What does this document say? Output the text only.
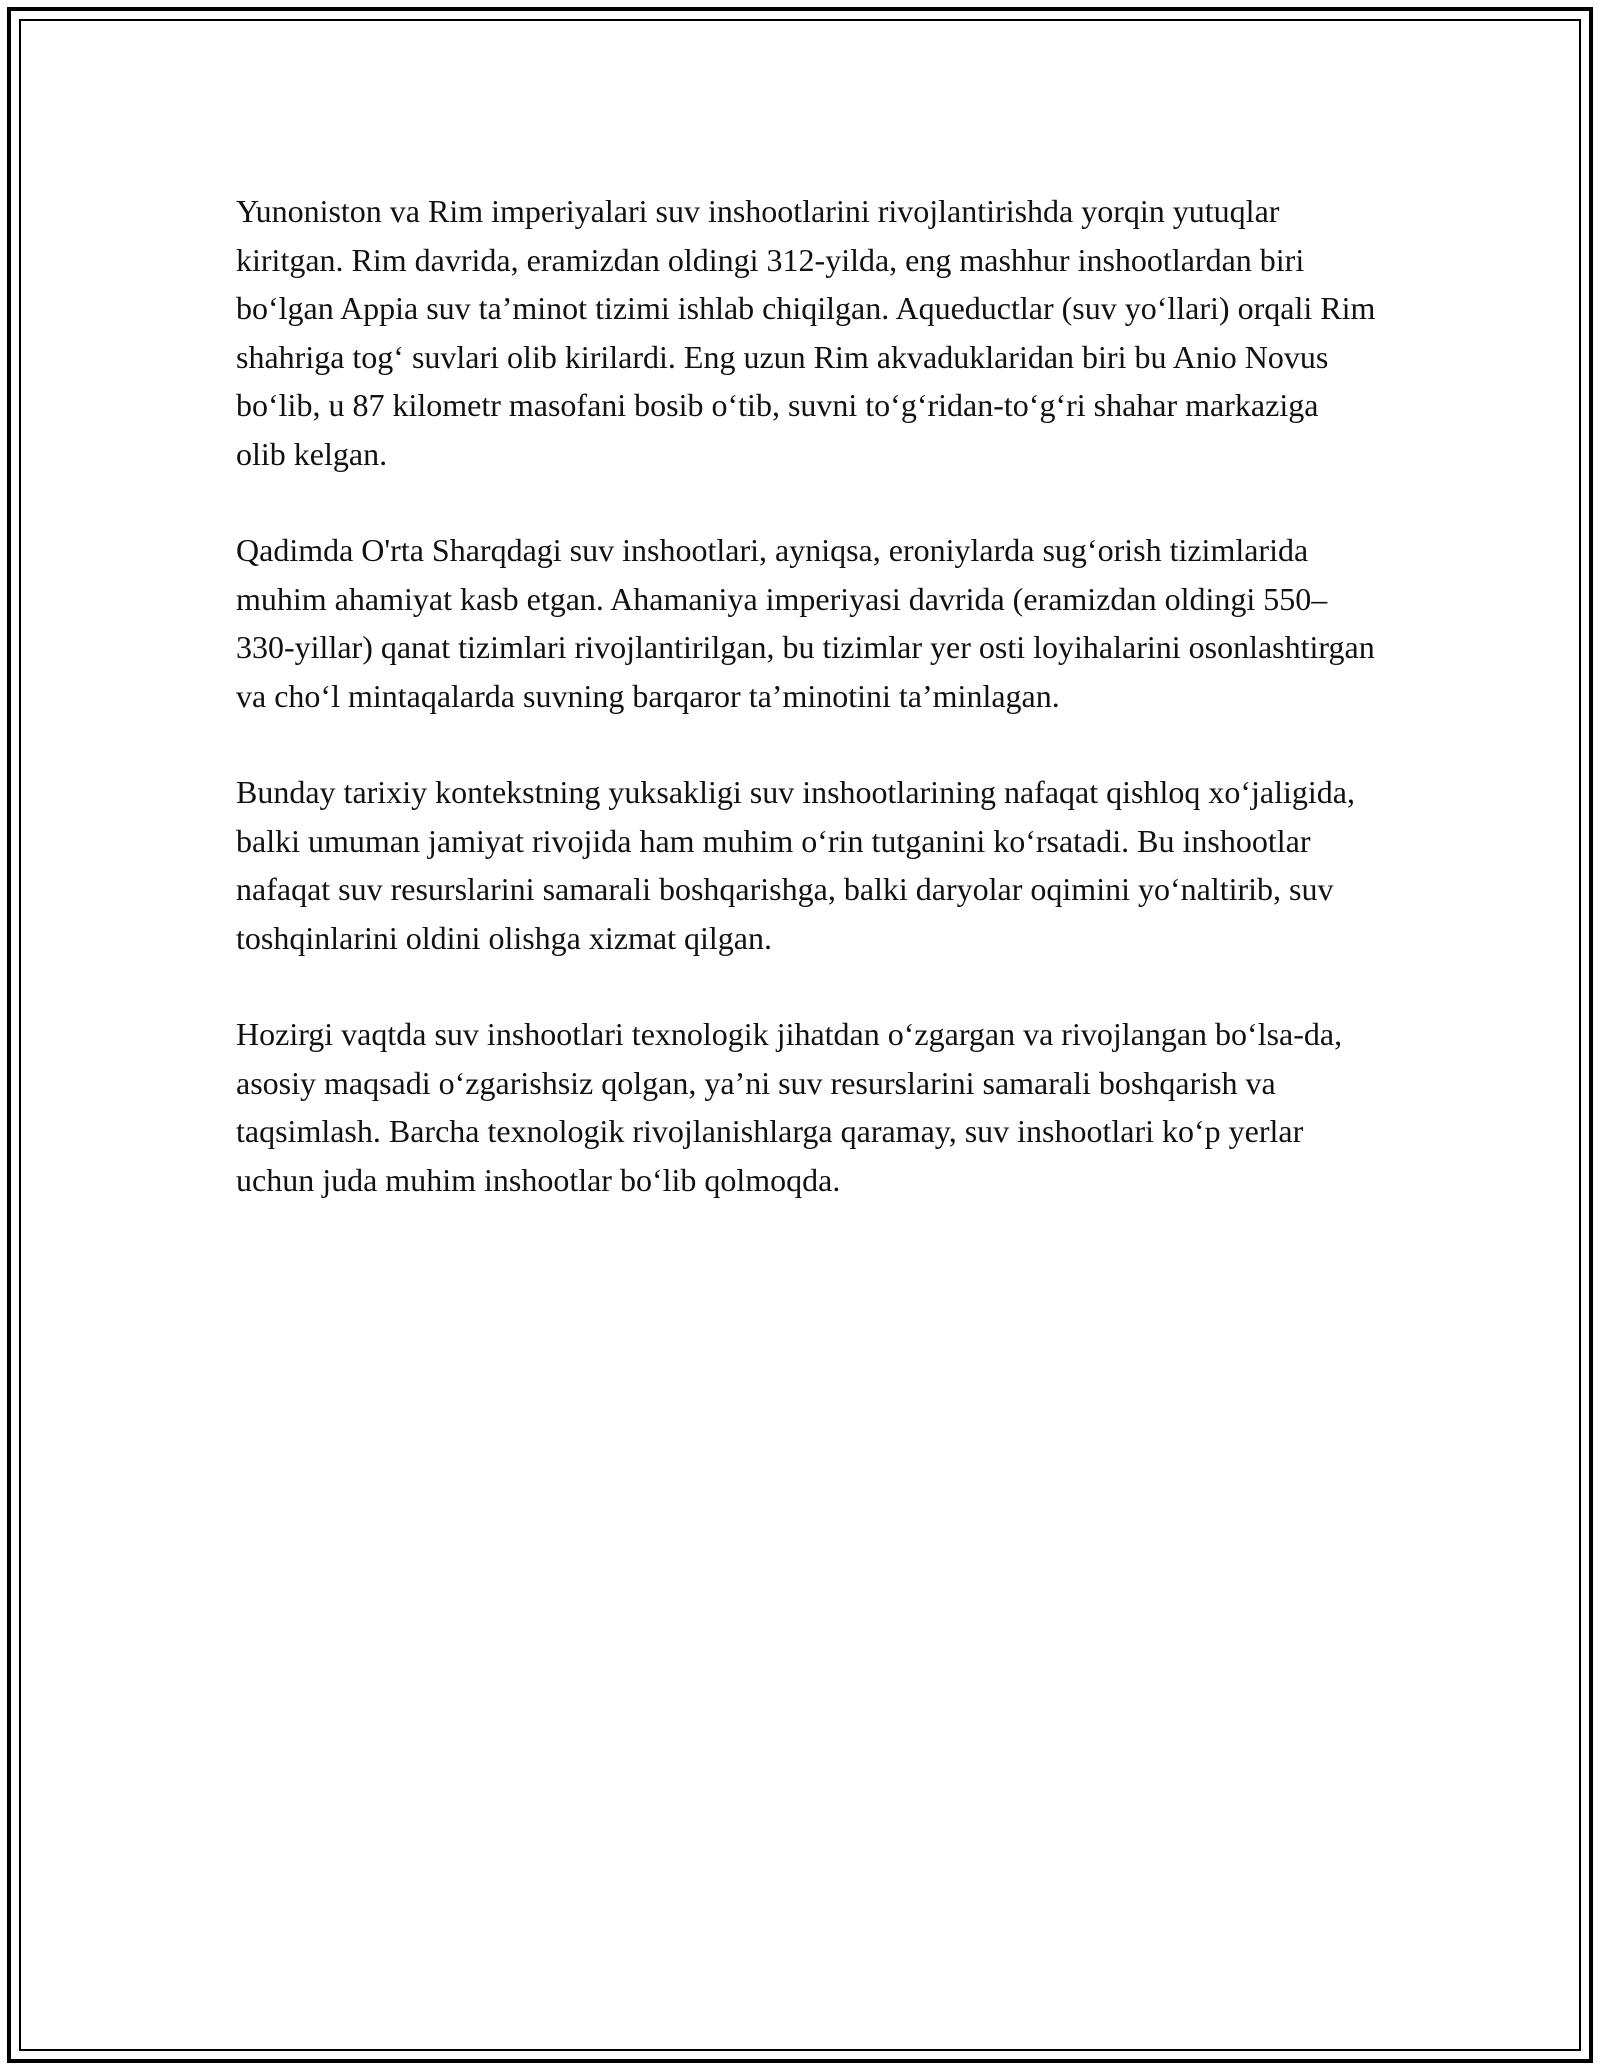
Yunoniston va Rim imperiyalari suv inshootlarini rivojlantirishda yorqin yutuqlar kiritgan. Rim davrida, eramizdan oldingi 312-yilda, eng mashhur inshootlardan biri bo‘lgan Appia suv ta’minot tizimi ishlab chiqilgan. Aqueductlar (suv yo‘llari) orqali Rim shahriga tog‘ suvlari olib kirilardi. Eng uzun Rim akvaduklaridan biri bu Anio Novus bo‘lib, u 87 kilometr masofani bosib o‘tib, suvni to‘g‘ridan-to‘g‘ri shahar markaziga olib kelgan.

Qadimda O'rta Sharqdagi suv inshootlari, ayniqsa, eroniylarda sug‘orish tizimlarida muhim ahamiyat kasb etgan. Ahamaniya imperiyasi davrida (eramizdan oldingi 550–330-yillar) qanat tizimlari rivojlantirilgan, bu tizimlar yer osti loyihalarini osonlashtirgan va cho‘l mintaqalarda suvning barqaror ta’minotini ta’minlagan.

Bunday tarixiy kontekstning yuksakligi suv inshootlarining nafaqat qishloq xo‘jaligida, balki umuman jamiyat rivojida ham muhim o‘rin tutganini ko‘rsatadi. Bu inshootlar nafaqat suv resurslarini samarali boshqarishga, balki daryolar oqimini yo‘naltirib, suv toshqinlarini oldini olishga xizmat qilgan.

Hozirgi vaqtda suv inshootlari texnologik jihatdan o‘zgargan va rivojlangan bo‘lsa-da, asosiy maqsadi o‘zgarishsiz qolgan, ya’ni suv resurslarini samarali boshqarish va taqsimlash. Barcha texnologik rivojlanishlarga qaramay, suv inshootlari ko‘p yerlar uchun juda muhim inshootlar bo‘lib qolmoqda.
